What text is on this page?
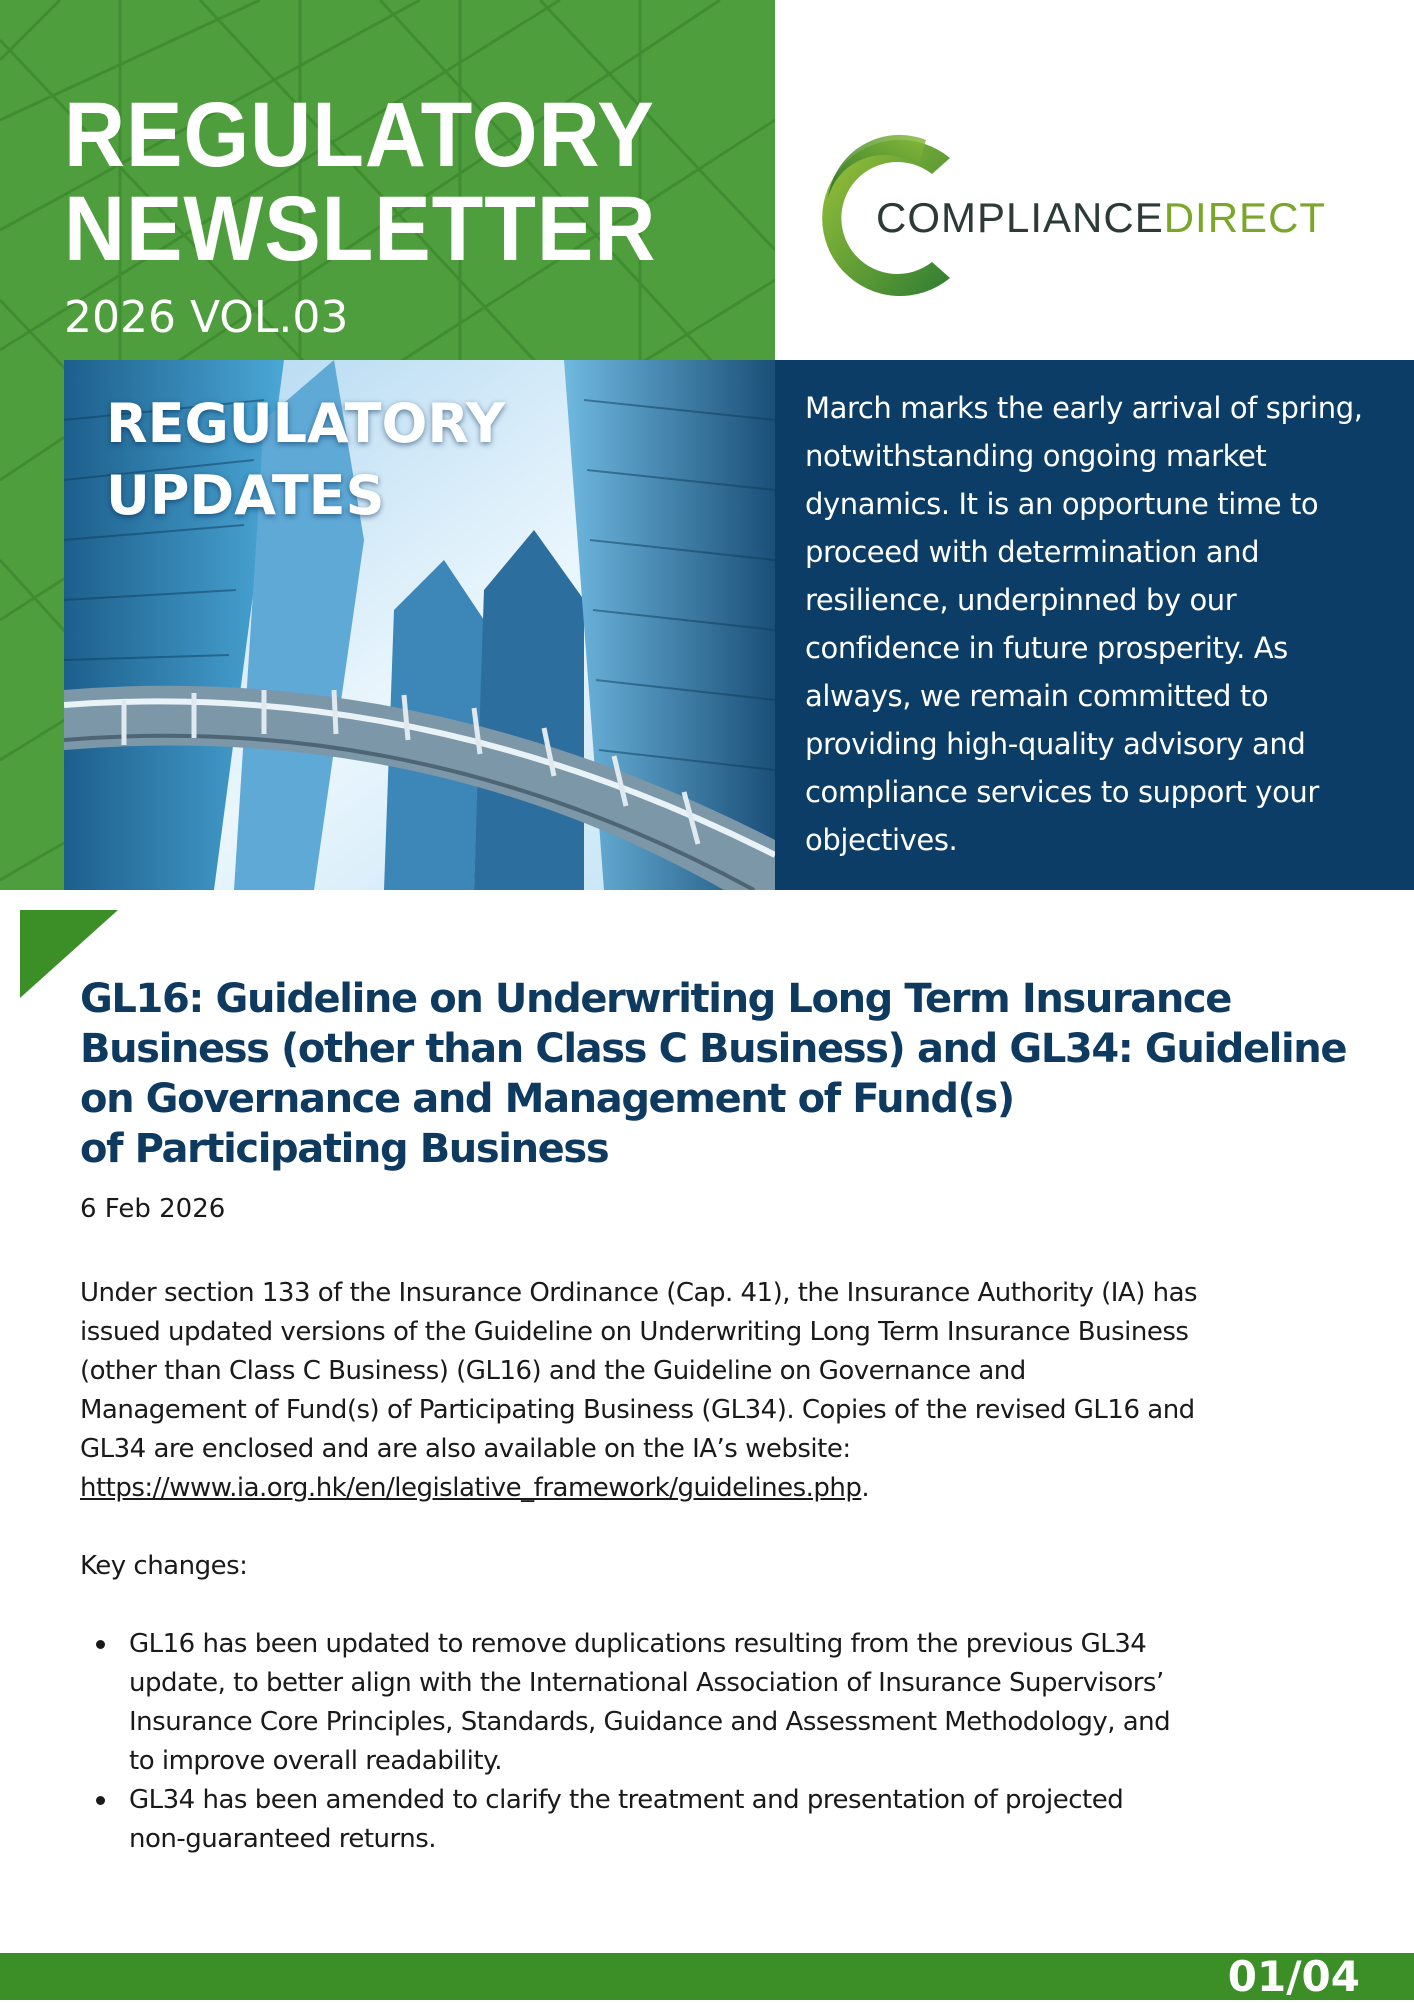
REGULATORY
NEWSLETTER
2026 VOL.03
COMPLIANCEDIRECT
REGULATORY
UPDATES

March marks the early arrival of spring, notwithstanding ongoing market dynamics. It is an opportune time to proceed with determination and resilience, underpinned by our confidence in future prosperity. As always, we remain committed to providing high-quality advisory and compliance services to support your objectives.

GL16: Guideline on Underwriting Long Term Insurance
Business (other than Class C Business) and GL34: Guideline
on Governance and Management of Fund(s)
of Participating Business
6 Feb 2026

Under section 133 of the Insurance Ordinance (Cap. 41), the Insurance Authority (IA) has
issued updated versions of the Guideline on Underwriting Long Term Insurance Business
(other than Class C Business) (GL16) and the Guideline on Governance and
Management of Fund(s) of Participating Business (GL34). Copies of the revised GL16 and
GL34 are enclosed and are also available on the IA’s website:
https://www.ia.org.hk/en/legislative_framework/guidelines.php.

Key changes:

GL16 has been updated to remove duplications resulting from the previous GL34
update, to better align with the International Association of Insurance Supervisors’
Insurance Core Principles, Standards, Guidance and Assessment Methodology, and
to improve overall readability.
GL34 has been amended to clarify the treatment and presentation of projected
non-guaranteed returns.
01/04
